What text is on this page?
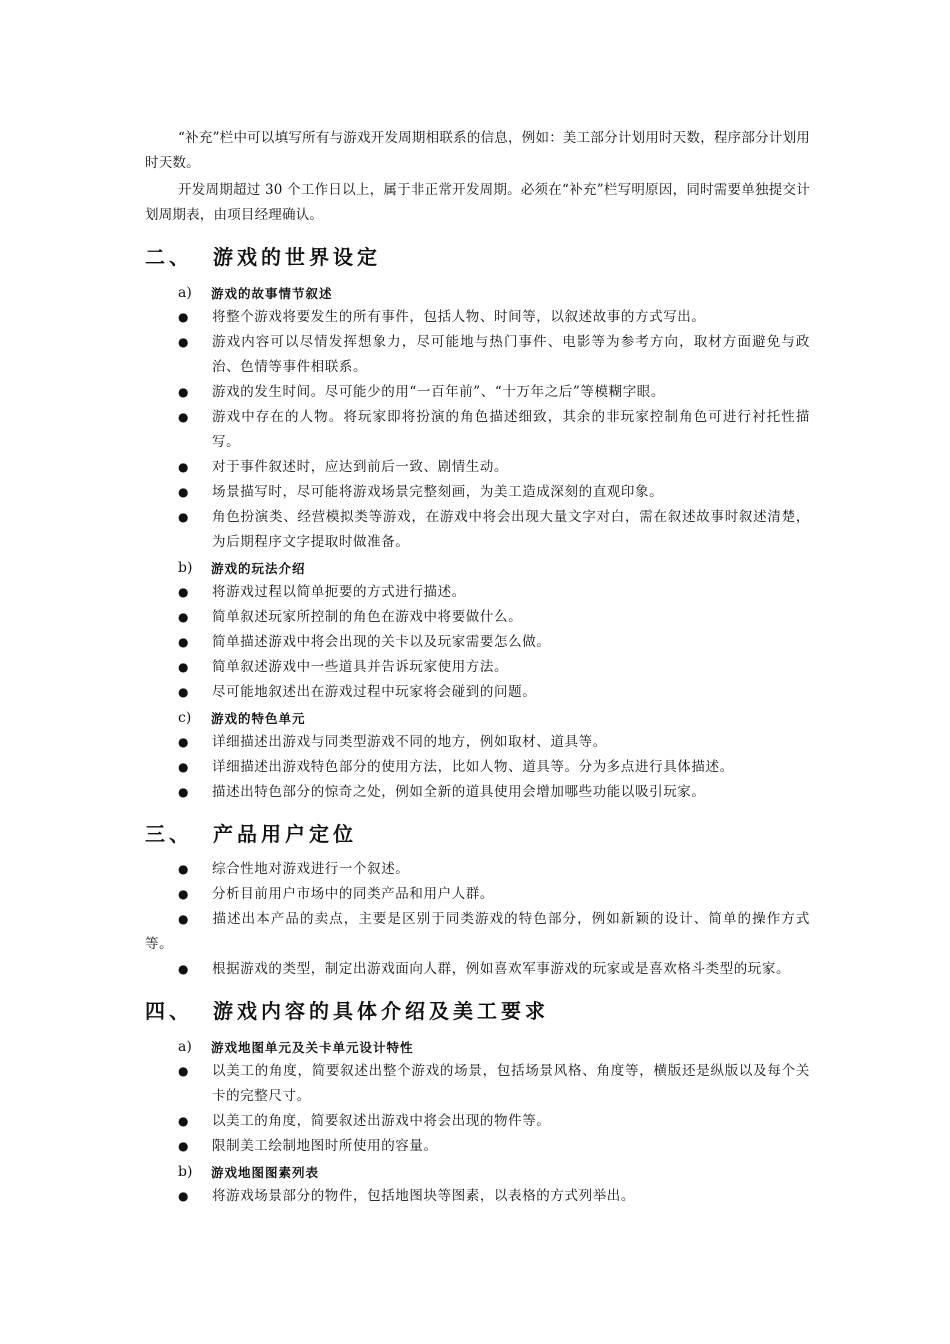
“补充”栏中可以填写所有与游戏开发周期相联系的信息，例如：美工部分计划用时天数，程序部分计划用时天数。

开发周期超过 30 个工作日以上，属于非正常开发周期。必须在“补充”栏写明原因，同时需要单独提交计划周期表，由项目经理确认。

二、	游戏的世界设定
a)	游戏的故事情节叙述
●	将整个游戏将要发生的所有事件，包括人物、时间等，以叙述故事的方式写出。
●	游戏内容可以尽情发挥想象力，尽可能地与热门事件、电影等为参考方向，取材方面避免与政治、色情等事件相联系。
●	游戏的发生时间。尽可能少的用“一百年前”、“十万年之后”等模糊字眼。
●	游戏中存在的人物。将玩家即将扮演的角色描述细致，其余的非玩家控制角色可进行衬托性描写。
●	对于事件叙述时，应达到前后一致、剧情生动。
●	场景描写时，尽可能将游戏场景完整刻画，为美工造成深刻的直观印象。
●	角色扮演类、经营模拟类等游戏，在游戏中将会出现大量文字对白，需在叙述故事时叙述清楚，为后期程序文字提取时做准备。
b)	游戏的玩法介绍
●	将游戏过程以简单扼要的方式进行描述。
●	简单叙述玩家所控制的角色在游戏中将要做什么。
●	简单描述游戏中将会出现的关卡以及玩家需要怎么做。
●	简单叙述游戏中一些道具并告诉玩家使用方法。
●	尽可能地叙述出在游戏过程中玩家将会碰到的问题。
c)	游戏的特色单元
●	详细描述出游戏与同类型游戏不同的地方，例如取材、道具等。
●	详细描述出游戏特色部分的使用方法，比如人物、道具等。分为多点进行具体描述。
●	描述出特色部分的惊奇之处，例如全新的道具使用会增加哪些功能以吸引玩家。
三、	产品用户定位
●	综合性地对游戏进行一个叙述。
●	分析目前用户市场中的同类产品和用户人群。
● 描述出本产品的卖点，主要是区别于同类游戏的特色部分，例如新颖的设计、简单的操作方式等。
● 根据游戏的类型，制定出游戏面向人群，例如喜欢军事游戏的玩家或是喜欢格斗类型的玩家。
四、	游戏内容的具体介绍及美工要求
a)	游戏地图单元及关卡单元设计特性
●	以美工的角度，简要叙述出整个游戏的场景，包括场景风格、角度等，横版还是纵版以及每个关卡的完整尺寸。
●	以美工的角度，简要叙述出游戏中将会出现的物件等。
●	限制美工绘制地图时所使用的容量。
b)	游戏地图图素列表
●	将游戏场景部分的物件，包括地图块等图素，以表格的方式列举出。
